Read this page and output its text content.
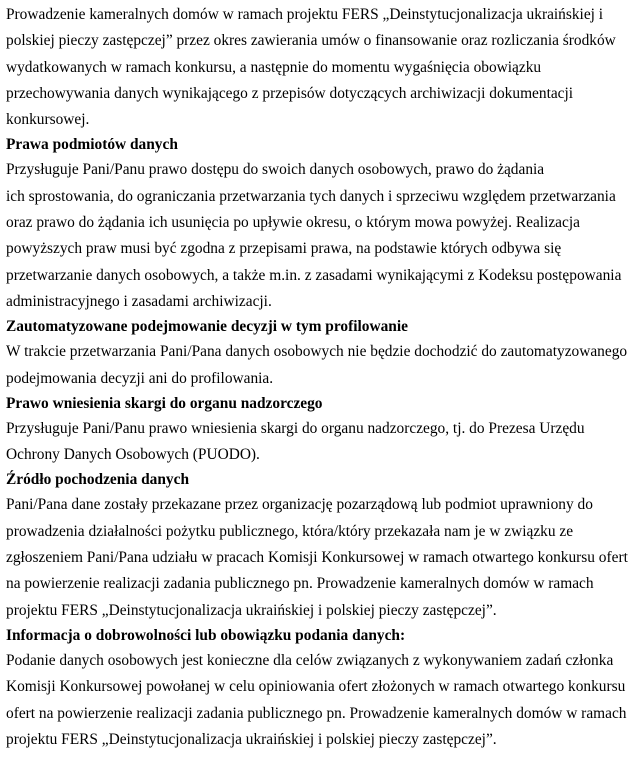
Prowadzenie kameralnych domów w ramach projektu FERS „Deinstytucjonalizacja ukraińskiej i
polskiej pieczy zastępczej” przez okres zawierania umów o finansowanie oraz rozliczania środków
wydatkowanych w ramach konkursu, a następnie do momentu wygaśnięcia obowiązku
przechowywania danych wynikającego z przepisów dotyczących archiwizacji dokumentacji
konkursowej.

Prawa podmiotów danych

Przysługuje Pani/Panu prawo dostępu do swoich danych osobowych, prawo do żądania
ich sprostowania, do ograniczania przetwarzania tych danych i sprzeciwu względem przetwarzania
oraz prawo do żądania ich usunięcia po upływie okresu, o którym mowa powyżej. Realizacja
powyższych praw musi być zgodna z przepisami prawa, na podstawie których odbywa się
przetwarzanie danych osobowych, a także m.in. z zasadami wynikającymi z Kodeksu postępowania
administracyjnego i zasadami archiwizacji.

Zautomatyzowane podejmowanie decyzji w tym profilowanie

W trakcie przetwarzania Pani/Pana danych osobowych nie będzie dochodzić do zautomatyzowanego
podejmowania decyzji ani do profilowania.

Prawo wniesienia skargi do organu nadzorczego

Przysługuje Pani/Panu prawo wniesienia skargi do organu nadzorczego, tj. do Prezesa Urzędu
Ochrony Danych Osobowych (PUODO).

Źródło pochodzenia danych

Pani/Pana dane zostały przekazane przez organizację pozarządową lub podmiot uprawniony do
prowadzenia działalności pożytku publicznego, która/który przekazała nam je w związku ze
zgłoszeniem Pani/Pana udziału w pracach Komisji Konkursowej w ramach otwartego konkursu ofert
na powierzenie realizacji zadania publicznego pn. Prowadzenie kameralnych domów w ramach
projektu FERS „Deinstytucjonalizacja ukraińskiej i polskiej pieczy zastępczej”.

Informacja o dobrowolności lub obowiązku podania danych:

Podanie danych osobowych jest konieczne dla celów związanych z wykonywaniem zadań członka
Komisji Konkursowej powołanej w celu opiniowania ofert złożonych w ramach otwartego konkursu
ofert na powierzenie realizacji zadania publicznego pn. Prowadzenie kameralnych domów w ramach
projektu FERS „Deinstytucjonalizacja ukraińskiej i polskiej pieczy zastępczej”.
